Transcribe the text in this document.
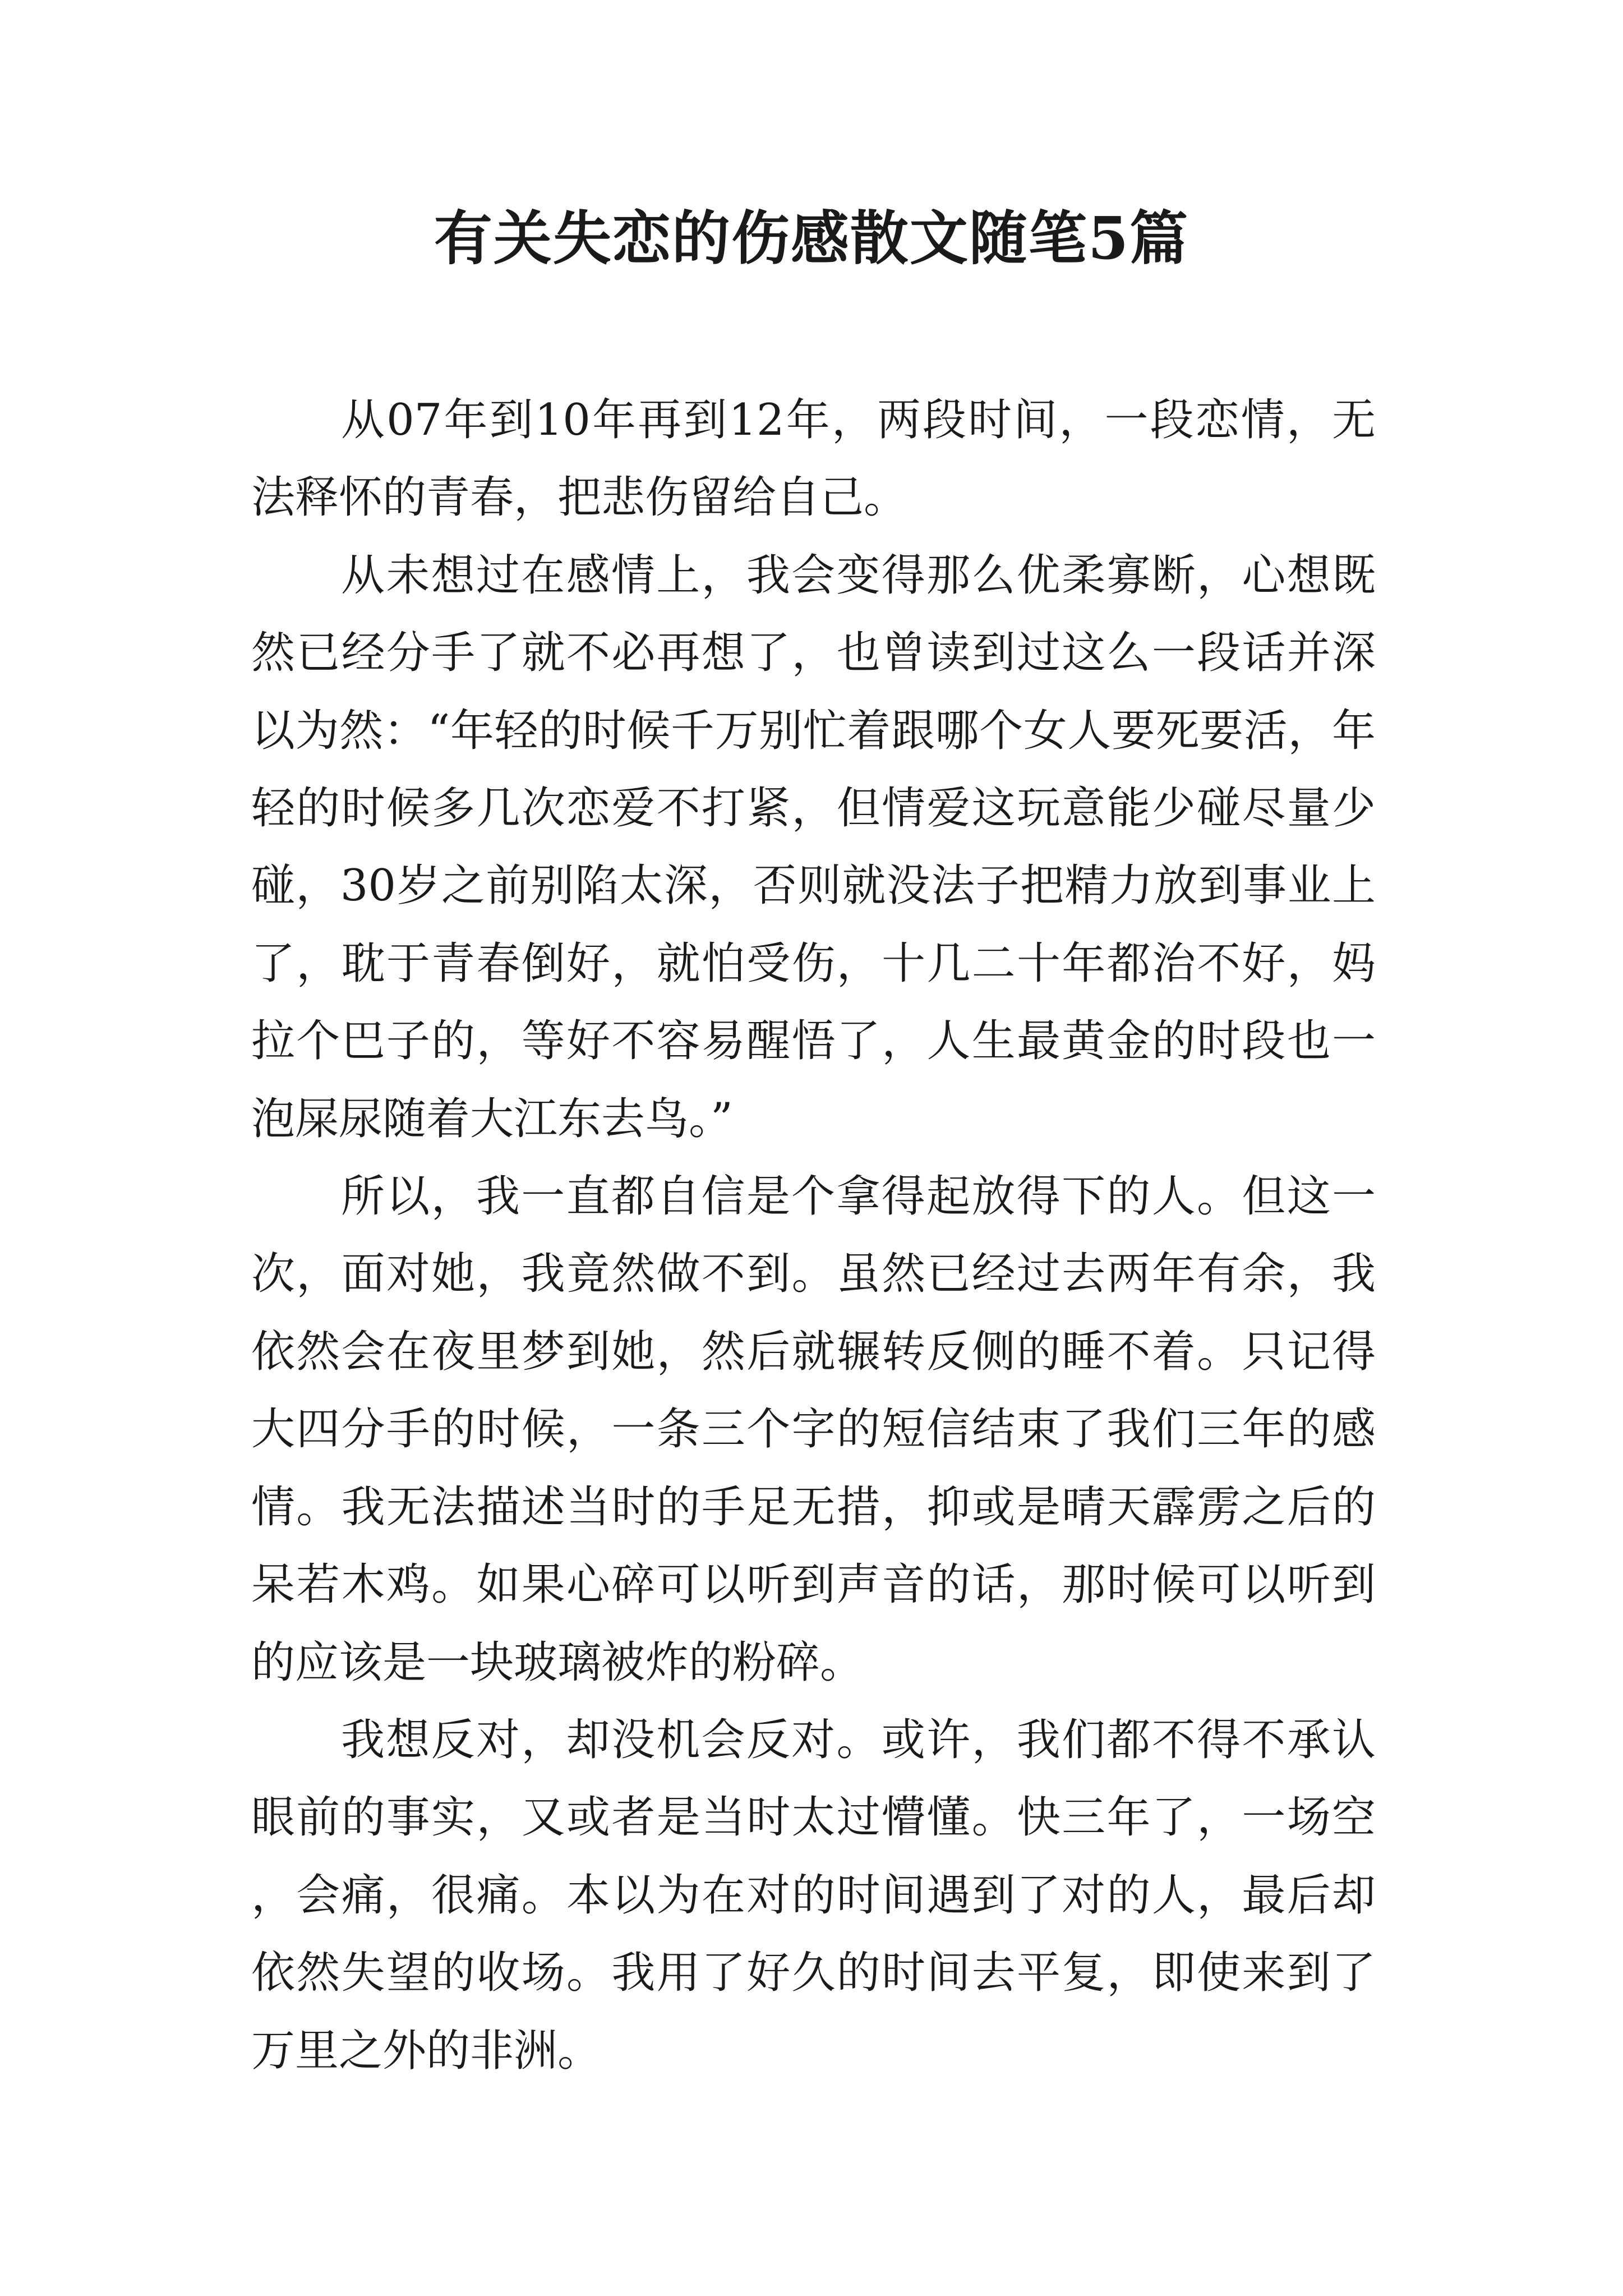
有关失恋的伤感散文随笔5篇

从07年到10年再到12年，两段时间，一段恋情，无法释怀的青春，把悲伤留给自己。

从未想过在感情上，我会变得那么优柔寡断，心想既然已经分手了就不必再想了，也曾读到过这么一段话并深以为然：“年轻的时候千万别忙着跟哪个女人要死要活，年轻的时候多几次恋爱不打紧，但情爱这玩意能少碰尽量少碰，30岁之前别陷太深，否则就没法子把精力放到事业上了，耽于青春倒好，就怕受伤，十几二十年都治不好，妈拉个巴子的，等好不容易醒悟了，人生最黄金的时段也一泡屎尿随着大江东去鸟。”

所以，我一直都自信是个拿得起放得下的人。但这一次，面对她，我竟然做不到。虽然已经过去两年有余，我依然会在夜里梦到她，然后就辗转反侧的睡不着。只记得大四分手的时候，一条三个字的短信结束了我们三年的感情。我无法描述当时的手足无措，抑或是晴天霹雳之后的呆若木鸡。如果心碎可以听到声音的话，那时候可以听到的应该是一块玻璃被炸的粉碎。

我想反对，却没机会反对。或许，我们都不得不承认眼前的事实，又或者是当时太过懵懂。快三年了，一场空，会痛，很痛。本以为在对的时间遇到了对的人，最后却依然失望的收场。我用了好久的时间去平复，即使来到了万里之外的非洲。
